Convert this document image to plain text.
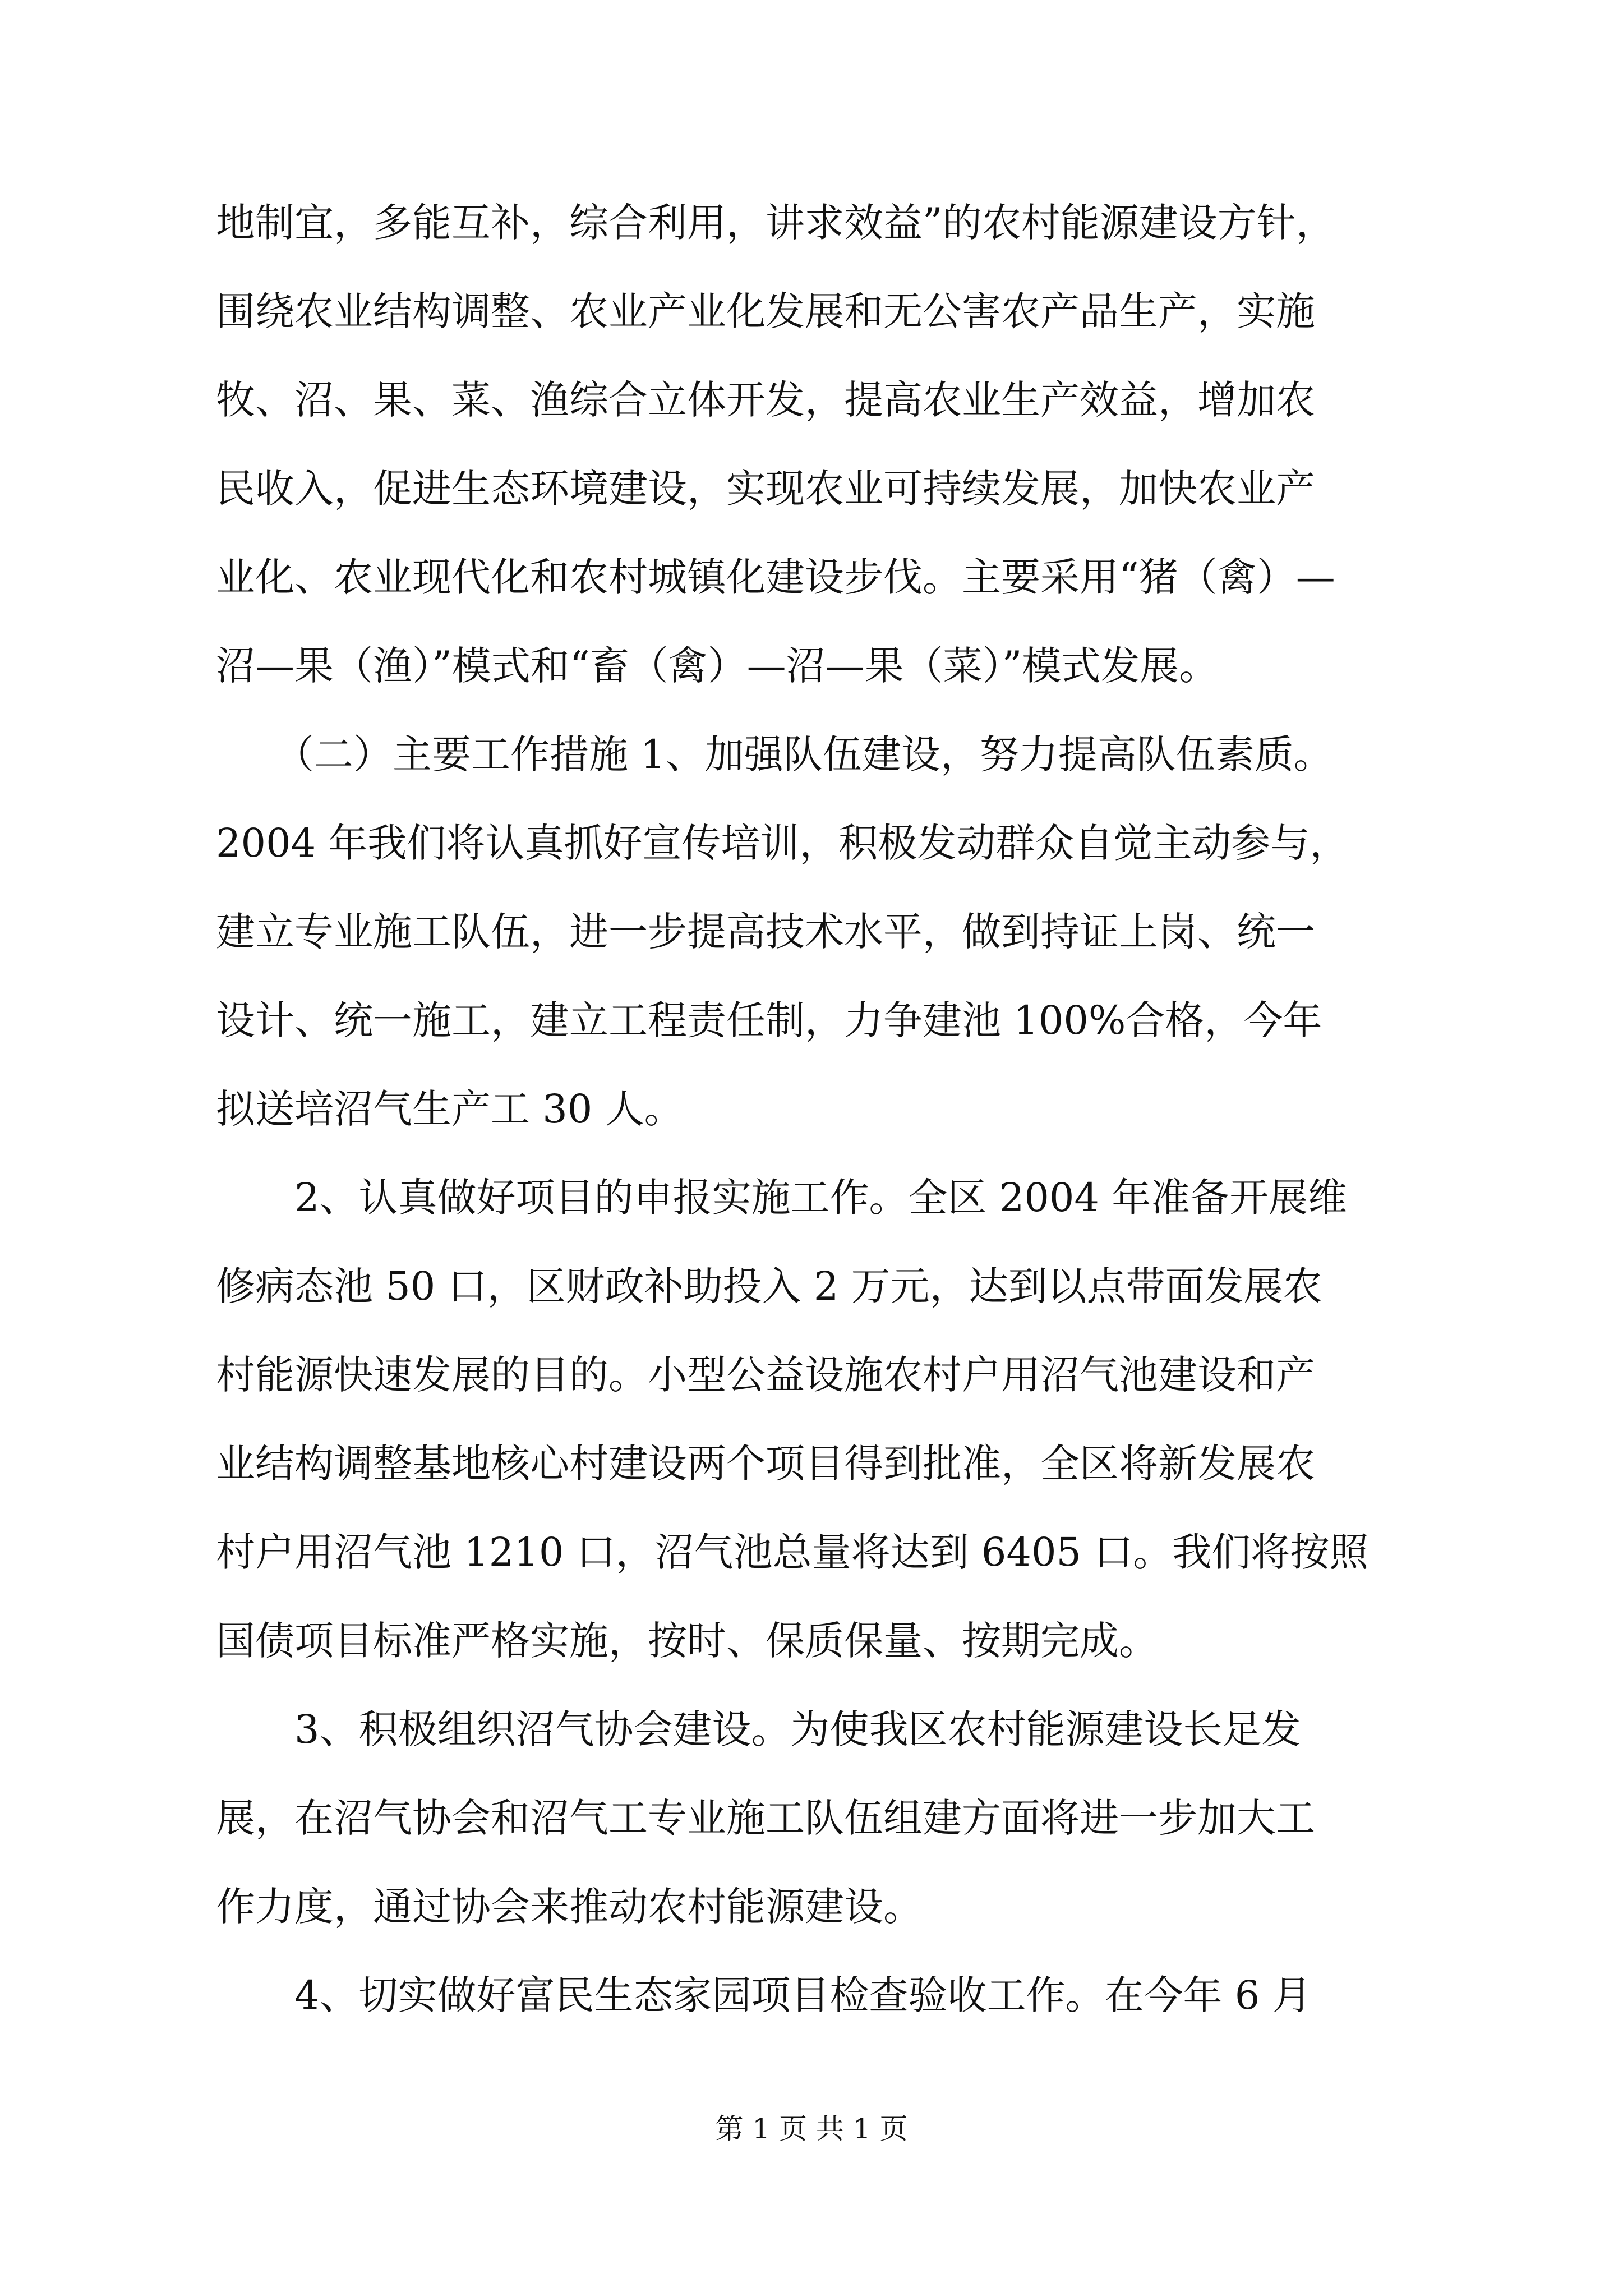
地制宜，多能互补，综合利用，讲求效益”的农村能源建设方针，
围绕农业结构调整、农业产业化发展和无公害农产品生产，实施
牧、沼、果、菜、渔综合立体开发，提高农业生产效益，增加农
民收入，促进生态环境建设，实现农业可持续发展，加快农业产
业化、农业现代化和农村城镇化建设步伐。主要采用“猪（禽）—
沼—果（渔）”模式和“畜（禽）—沼—果（菜）”模式发展。
　　（二）主要工作措施 1、加强队伍建设，努力提高队伍素质。
2004 年我们将认真抓好宣传培训，积极发动群众自觉主动参与，
建立专业施工队伍，进一步提高技术水平，做到持证上岗、统一
设计、统一施工，建立工程责任制，力争建池 100%合格，今年
拟送培沼气生产工 30 人。
　　2、认真做好项目的申报实施工作。全区 2004 年准备开展维
修病态池 50 口，区财政补助投入 2 万元，达到以点带面发展农
村能源快速发展的目的。小型公益设施农村户用沼气池建设和产
业结构调整基地核心村建设两个项目得到批准，全区将新发展农
村户用沼气池 1210 口，沼气池总量将达到 6405 口。我们将按照
国债项目标准严格实施，按时、保质保量、按期完成。
　　3、积极组织沼气协会建设。为使我区农村能源建设长足发
展，在沼气协会和沼气工专业施工队伍组建方面将进一步加大工
作力度，通过协会来推动农村能源建设。
　　4、切实做好富民生态家园项目检查验收工作。在今年 6 月
第 1 页 共 1 页
